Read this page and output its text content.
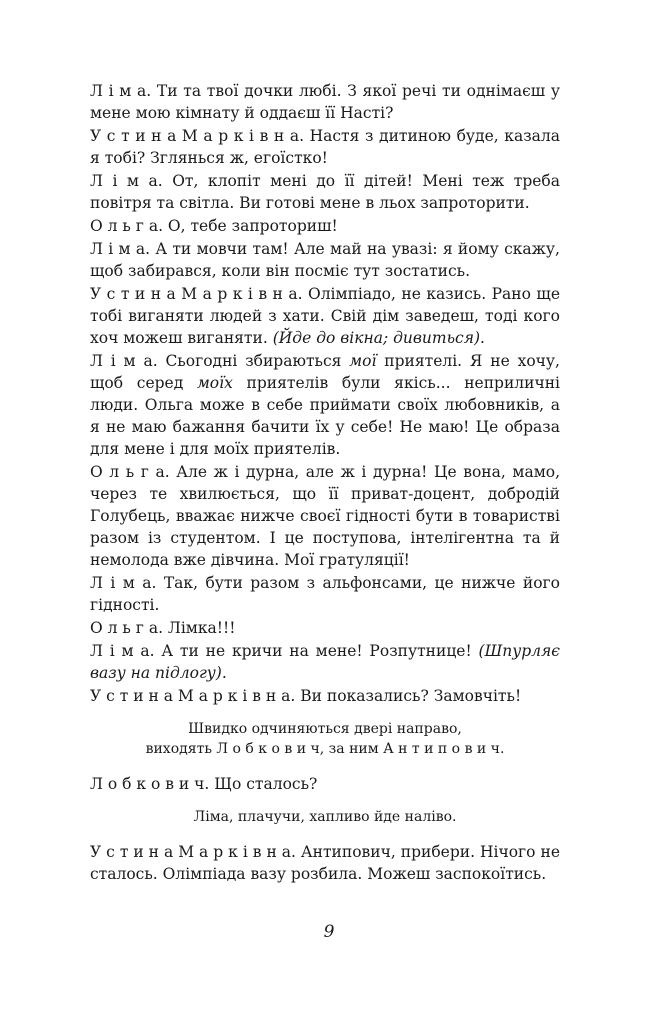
Л і м а. Ти та твої дочки любі. З якої речі ти однімаєш у мене мою кімнату й оддаєш її Насті?

У с т и н а М а р к і в н а. Настя з дитиною буде, казала я тобі? Зглянься ж, егоїстко!

Л і м а. От, клопіт мені до її дітей! Мені теж треба повітря та світла. Ви готові мене в льох запроторити.

О л ь г а. О, тебе запроториш!

Л і м а. А ти мовчи там! Але май на увазі: я йому скажу, щоб забирався, коли він посміє тут зостатись.

У с т и н а М а р к і в н а. Олімпіадо, не казись. Рано ще тобі виганяти людей з хати. Свій дім заведеш, тоді кого хоч можеш виганяти. (Йде до вікна; дивиться).

Л і м а. Сьогодні збираються мої приятелі. Я не хочу, щоб серед моїх приятелів були якісь... неприличні люди. Ольга може в себе приймати своїх любовників, а я не маю бажання бачити їх у себе! Не маю! Це образа для мене і для моїх приятелів.

О л ь г а. Але ж і дурна, але ж і дурна! Це вона, мамо, через те хвилюється, що її приват-доцент, добродій Голубець, вважає нижче своєї гідності бути в товаристві разом із студентом. І це поступова, інтелігентна та й немолода вже дівчина. Мої гратуляції!

Л і м а. Так, бути разом з альфонсами, це нижче його гідності.

О л ь г а. Лімка!!!

Л і м а. А ти не кричи на мене! Розпутнице! (Шпурляє вазу на підлогу).

У с т и н а М а р к і в н а. Ви показались? Замовчіть!

Швидко одчиняються двері направо,
виходять Л о б к о в и ч, за ним А н т и п о в и ч.

Л о б к о в и ч. Що сталось?

Ліма, плачучи, хапливо йде наліво.

У с т и н а М а р к і в н а. Антипович, прибери. Нічого не сталось. Олімпіада вазу розбила. Можеш заспокоїтись.

9
